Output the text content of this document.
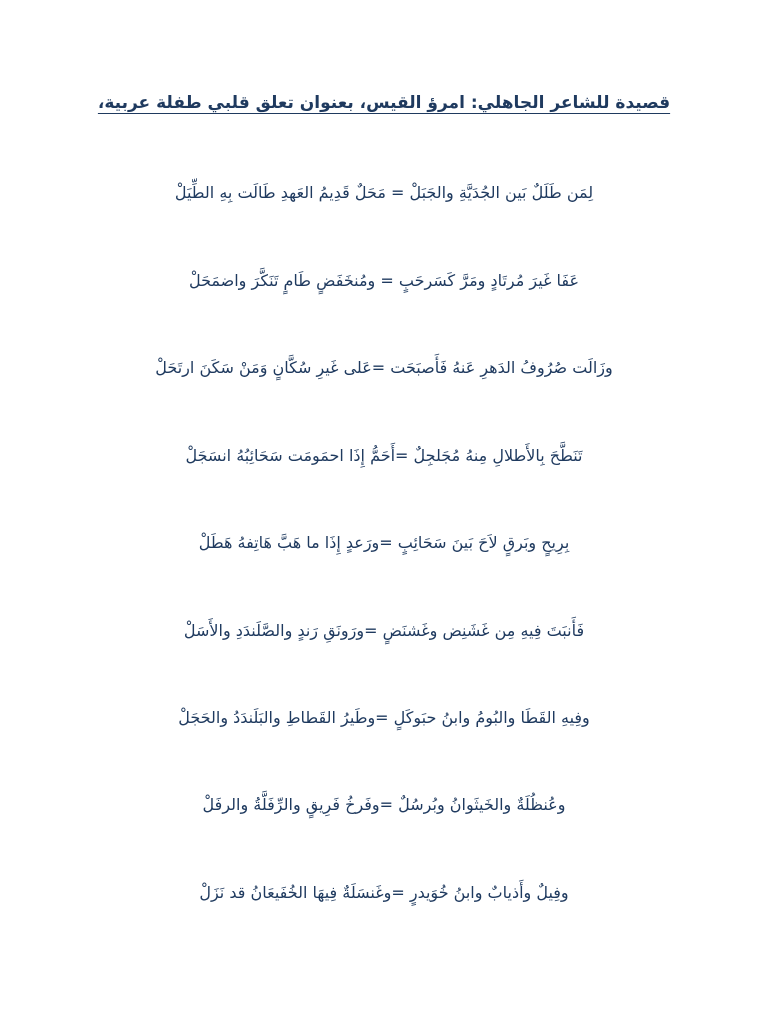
قصيدة للشاعر الجاهلي: امرؤ القيس، بعنوان تعلق قلبي طفلة عربية،
لِمَن طَلَلٌ بَين الجُدَيَّةِ والجَبَلْ = مَحَلٌ قَدِيمُ العَهدِ طَالَت بِهِ الطِّيَلْ
عَفَا غَيرَ مُرتَادٍ ومَرَّ كَسَرحَبٍ = ومُنخَفَضٍ طَامٍ تَنَكَّرَ واضمَحَلْ
وزَالَت صُرُوفُ الدَهرِ عَنهُ فَأَصبَحَت =عَلى غَيرِ سُكَّانٍ وَمَنْ سَكَنَ ارتَحَلْ
تَنَطَّحَ بِالأَطلالِ مِنهُ مُجَلجِلٌ =أَحَمُّ إِذَا احمَومَت سَحَائِبُهُ انسَجَلْ
بِرِيحٍ وبَرقٍ لاَحَ بَينَ سَحَائِبٍ =ورَعدٍ إِذَا ما هَبَّ هَاتِفهُ هَطَلْ
فَأَنبَتَ فِيهِ مِن غَشَنِض وغَشنَضٍ =ورَونَقِ رَندٍ والصَّلَندَدِ والأَسَلْ
وفِيهِ القَطَا والبُومُ وابنُ حبَوكَلٍ =وطَيرُ القَطاطِ والبَلَندَدُ والحَجَلْ
وعُنظُلَةٌ والخَيثَوانُ وبُرسُلٌ =وفَرخُ فَرِيقٍ والرِّفَلَّةُ والرفَلْ
وفِيلٌ وأَذيابٌ وابنُ خُوَيدرٍ =وغَنسَلَةٌ فِيهَا الخُفَيعَانُ قد نَزَلْ
